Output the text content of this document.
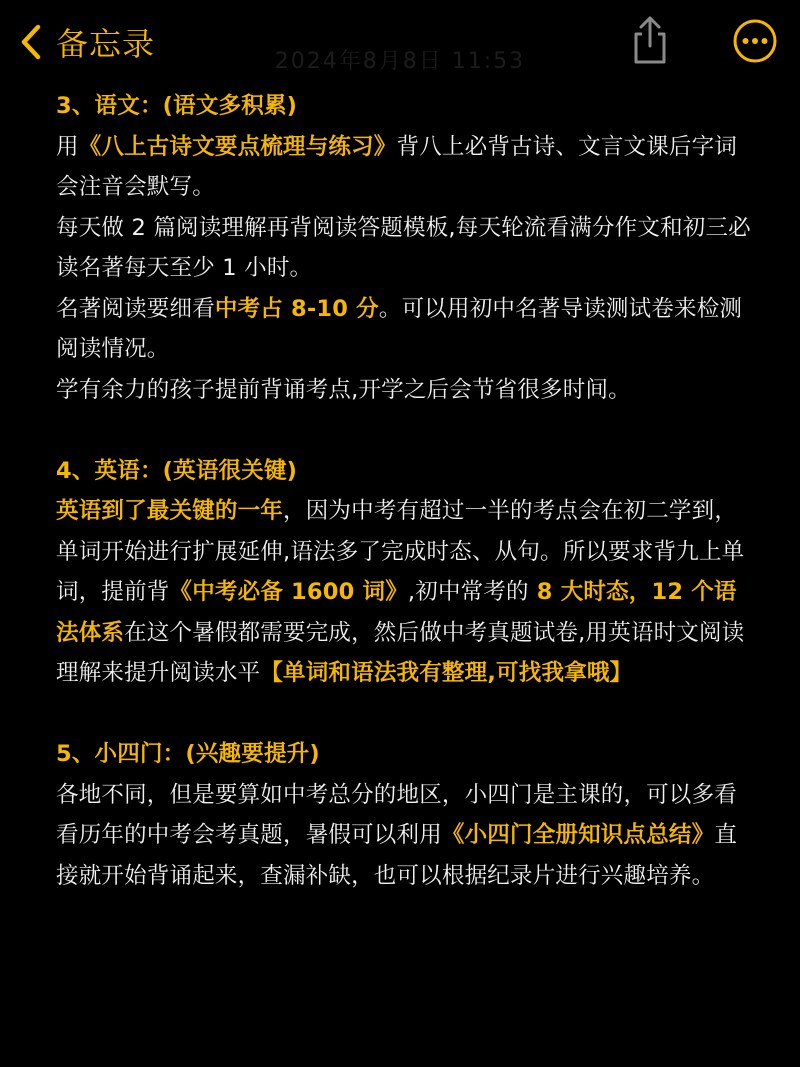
备忘录	2024年8月8日 11:53

3、语文：(语文多积累)

用《八上古诗文要点梳理与练习》背八上必背古诗、文言文课后字词会注音会默写。

每天做 2 篇阅读理解再背阅读答题模板,每天轮流看满分作文和初三必读名著每天至少 1 小时。

名著阅读要细看中考占 8-10 分。可以用初中名著导读测试卷来检测阅读情况。

学有余力的孩子提前背诵考点,开学之后会节省很多时间。

4、英语：(英语很关键)

英语到了最关键的一年，因为中考有超过一半的考点会在初二学到，单词开始进行扩展延伸,语法多了完成时态、从句。所以要求背九上单词，提前背《中考必备 1600 词》,初中常考的 8 大时态，12 个语法体系在这个暑假都需要完成，然后做中考真题试卷,用英语时文阅读理解来提升阅读水平【单词和语法我有整理,可找我拿哦】

5、小四门：(兴趣要提升)

各地不同，但是要算如中考总分的地区，小四门是主课的，可以多看看历年的中考会考真题，暑假可以利用《小四门全册知识点总结》直接就开始背诵起来，查漏补缺，也可以根据纪录片进行兴趣培养。
